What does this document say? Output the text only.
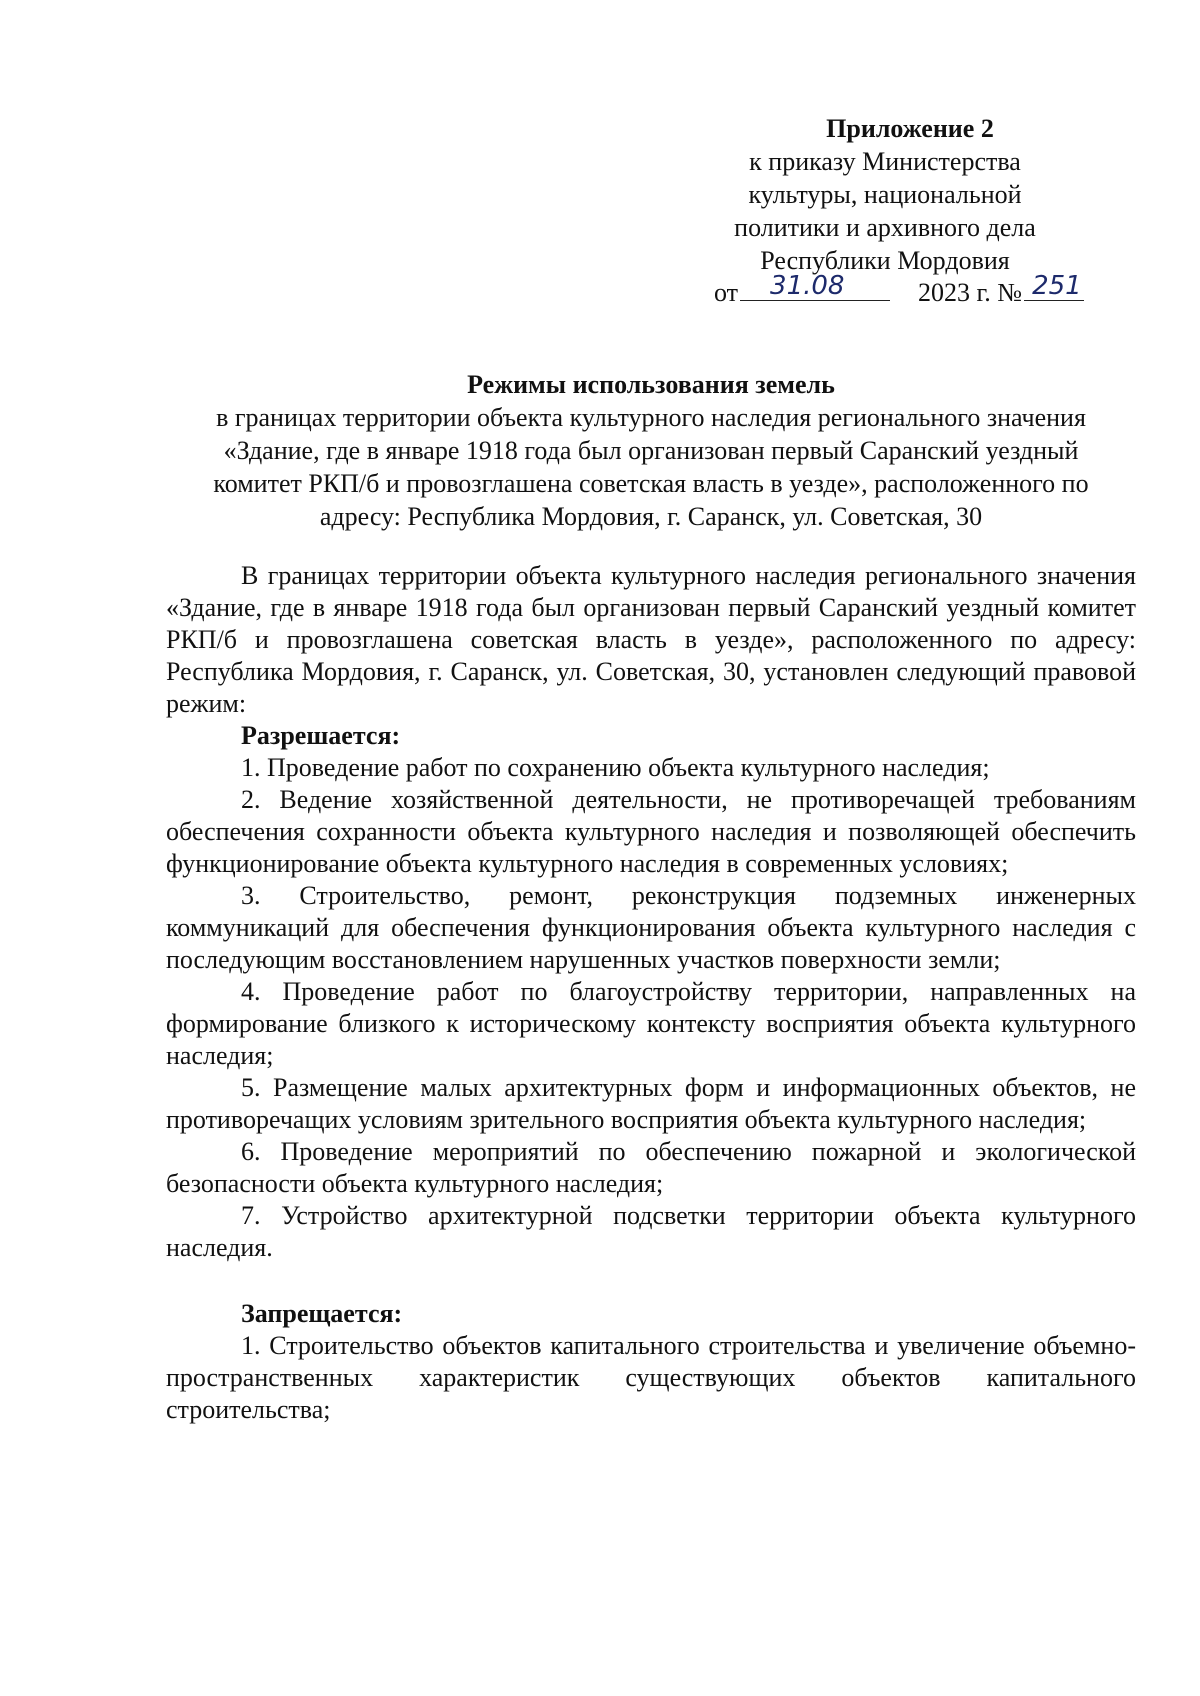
Приложение 2
к приказу Министерства
культуры, национальной
политики и архивного дела
Республики Мордовия
от 31.08	2023 г. № 251
Режимы использования земель
в границах территории объекта культурного наследия регионального значения
«Здание, где в январе 1918 года был организован первый Саранский уездный
комитет РКП/б и провозглашена советская власть в уезде», расположенного по
адресу: Республика Мордовия, г. Саранск, ул. Советская, 30

В границах территории объекта культурного наследия регионального значения «Здание, где в январе 1918 года был организован первый Саранский уездный комитет РКП/б и провозглашена советская власть в уезде», расположенного по адресу: Республика Мордовия, г. Саранск, ул. Советская, 30, установлен следующий правовой режим:

Разрешается:

1. Проведение работ по сохранению объекта культурного наследия;

2. Ведение хозяйственной деятельности, не противоречащей требованиям обеспечения сохранности объекта культурного наследия и позволяющей обеспечить функционирование объекта культурного наследия в современных условиях;

3. Строительство, ремонт, реконструкция подземных инженерных коммуникаций для обеспечения функционирования объекта культурного наследия с последующим восстановлением нарушенных участков поверхности земли;

4. Проведение работ по благоустройству территории, направленных на формирование близкого к историческому контексту восприятия объекта культурного наследия;

5. Размещение малых архитектурных форм и информационных объектов, не противоречащих условиям зрительного восприятия объекта культурного наследия;

6. Проведение мероприятий по обеспечению пожарной и экологической безопасности объекта культурного наследия;

7. Устройство архитектурной подсветки территории объекта культурного наследия.

Запрещается:

1. Строительство объектов капитального строительства и увеличение объемно-пространственных характеристик существующих объектов капитального строительства;
